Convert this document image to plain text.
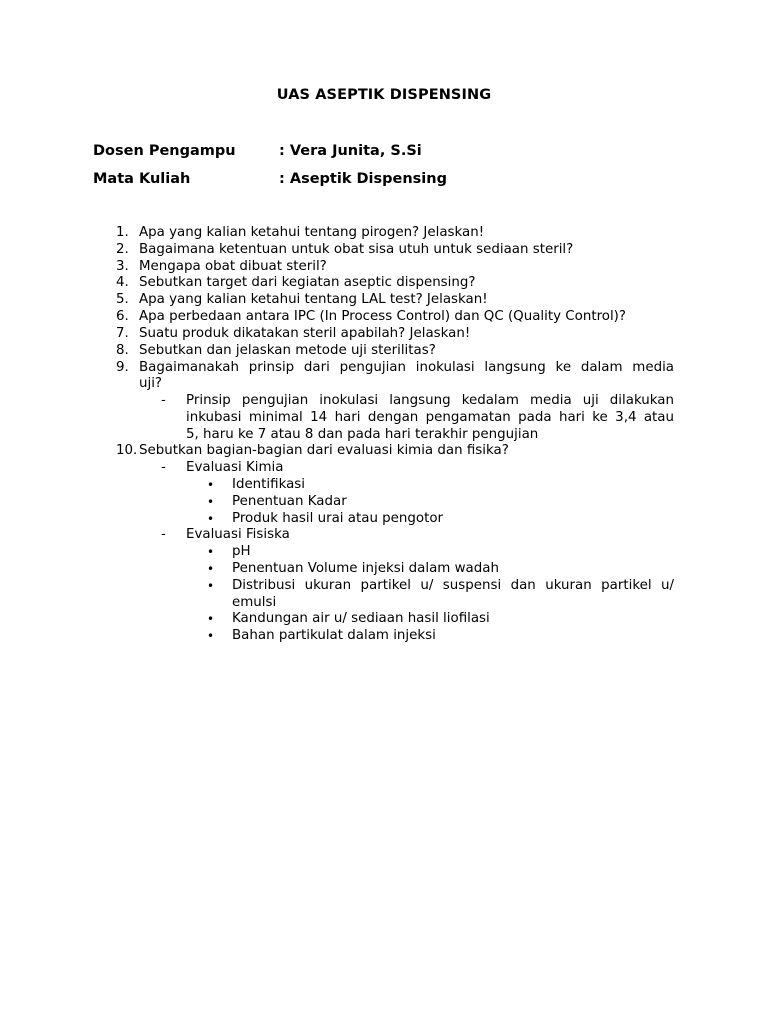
UAS ASEPTIK DISPENSING
Dosen Pengampu	: Vera Junita, S.Si
Mata Kuliah	: Aseptik Dispensing
1. Apa yang kalian ketahui tentang pirogen? Jelaskan!
2. Bagaimana ketentuan untuk obat sisa utuh untuk sediaan steril?
3. Mengapa obat dibuat steril?
4. Sebutkan target dari kegiatan aseptic dispensing?
5. Apa yang kalian ketahui tentang LAL test? Jelaskan!
6. Apa perbedaan antara IPC (In Process Control) dan QC (Quality Control)?
7. Suatu produk dikatakan steril apabilah? Jelaskan!
8. Sebutkan dan jelaskan metode uji sterilitas?
9. Bagaimanakah prinsip dari pengujian inokulasi langsung ke dalam media
uji?
- Prinsip pengujian inokulasi langsung kedalam media uji dilakukan
inkubasi minimal 14 hari dengan pengamatan pada hari ke 3,4 atau
5, haru ke 7 atau 8 dan pada hari terakhir pengujian
10. Sebutkan bagian-bagian dari evaluasi kimia dan fisika?
- Evaluasi Kimia
• Identifikasi
• Penentuan Kadar
• Produk hasil urai atau pengotor
- Evaluasi Fisiska
• pH
• Penentuan Volume injeksi dalam wadah
• Distribusi ukuran partikel u/ suspensi dan ukuran partikel u/
emulsi
• Kandungan air u/ sediaan hasil liofilasi
• Bahan partikulat dalam injeksi
